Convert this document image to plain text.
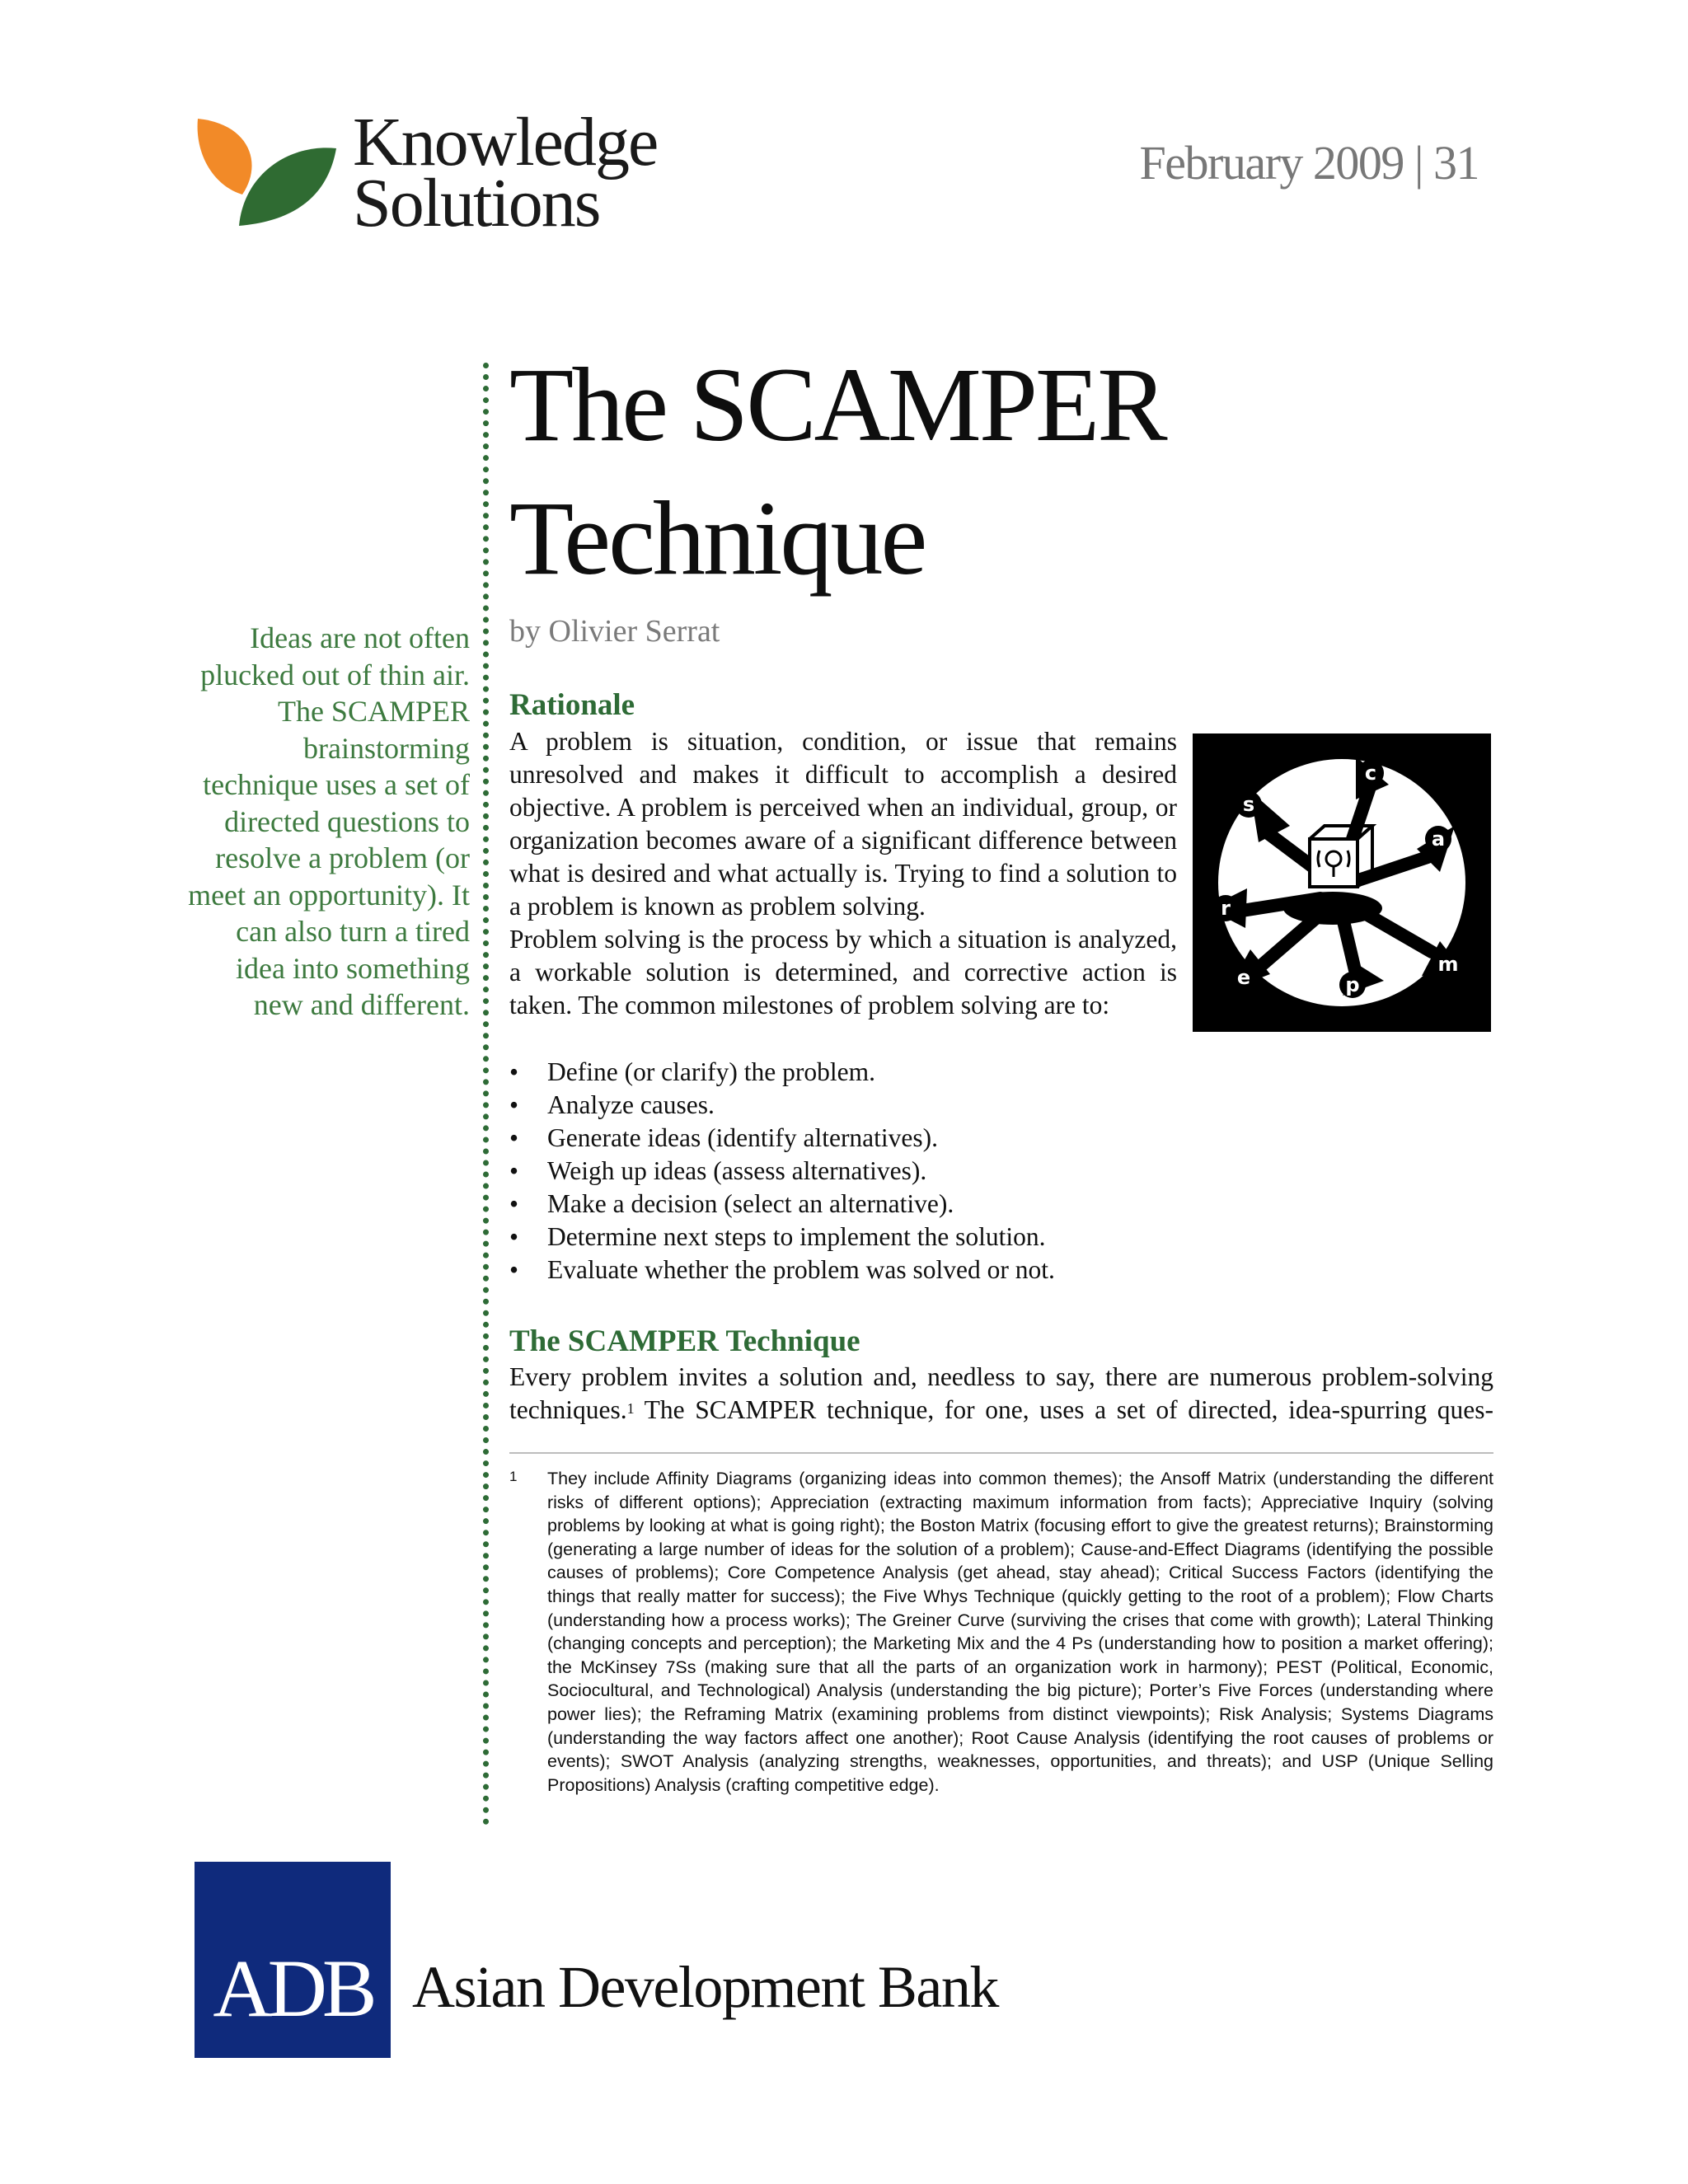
Knowledge
Solutions
February 2009 | 31
Ideas are not often plucked out of thin air. The SCAMPER brainstorming technique uses a set of directed questions to resolve a problem (or meet an opportunity). It can also turn a tired idea into something new and different.
The SCAMPER
Technique
by Olivier Serrat
Rationale

A problem is situation, condition, or issue that remains unresolved and makes it difficult to accomplish a desired objective. A problem is perceived when an individual, group, or organization becomes aware of a significant difference between what is desired and what actually is. Trying to find a solution to a problem is known as problem solving.

Problem solving is the process by which a situation is analyzed, a workable solution is determined, and corrective action is taken. The common milestones of problem solving are to:

• Define (or clarify) the problem.
• Analyze causes.
• Generate ideas (identify alternatives).
• Weigh up ideas (assess alternatives).
• Make a decision (select an alternative).
• Determine next steps to implement the solution.
• Evaluate whether the problem was solved or not.
s
c
a
m
p
e
r
The SCAMPER Technique

Every problem invites a solution and, needless to say, there are numerous problem-solving techniques.$^1$ The SCAMPER technique, for one, uses a set of directed, idea-spurring ques-

1 They include Affinity Diagrams (organizing ideas into common themes); the Ansoff Matrix (understanding the different risks of different options); Appreciation (extracting maximum information from facts); Appreciative Inquiry (solving problems by looking at what is going right); the Boston Matrix (focusing effort to give the greatest returns); Brainstorming (generating a large number of ideas for the solution of a problem); Cause-and-Effect Diagrams (identifying the possible causes of problems); Core Competence Analysis (get ahead, stay ahead); Critical Success Factors (identifying the things that really matter for success); the Five Whys Technique (quickly getting to the root of a problem); Flow Charts (understanding how a process works); The Greiner Curve (surviving the crises that come with growth); Lateral Thinking (changing concepts and perception); the Marketing Mix and the 4 Ps (understanding how to position a market offering); the McKinsey 7Ss (making sure that all the parts of an organization work in harmony); PEST (Political, Economic, Sociocultural, and Technological) Analysis (understanding the big picture); Porter’s Five Forces (understanding where power lies); the Reframing Matrix (examining problems from distinct viewpoints); Risk Analysis; Systems Diagrams (understanding the way factors affect one another); Root Cause Analysis (identifying the root causes of problems or events); SWOT Analysis (analyzing strengths, weaknesses, opportunities, and threats); and USP (Unique Selling Propositions) Analysis (crafting competitive edge).
ADB Asian Development Bank
